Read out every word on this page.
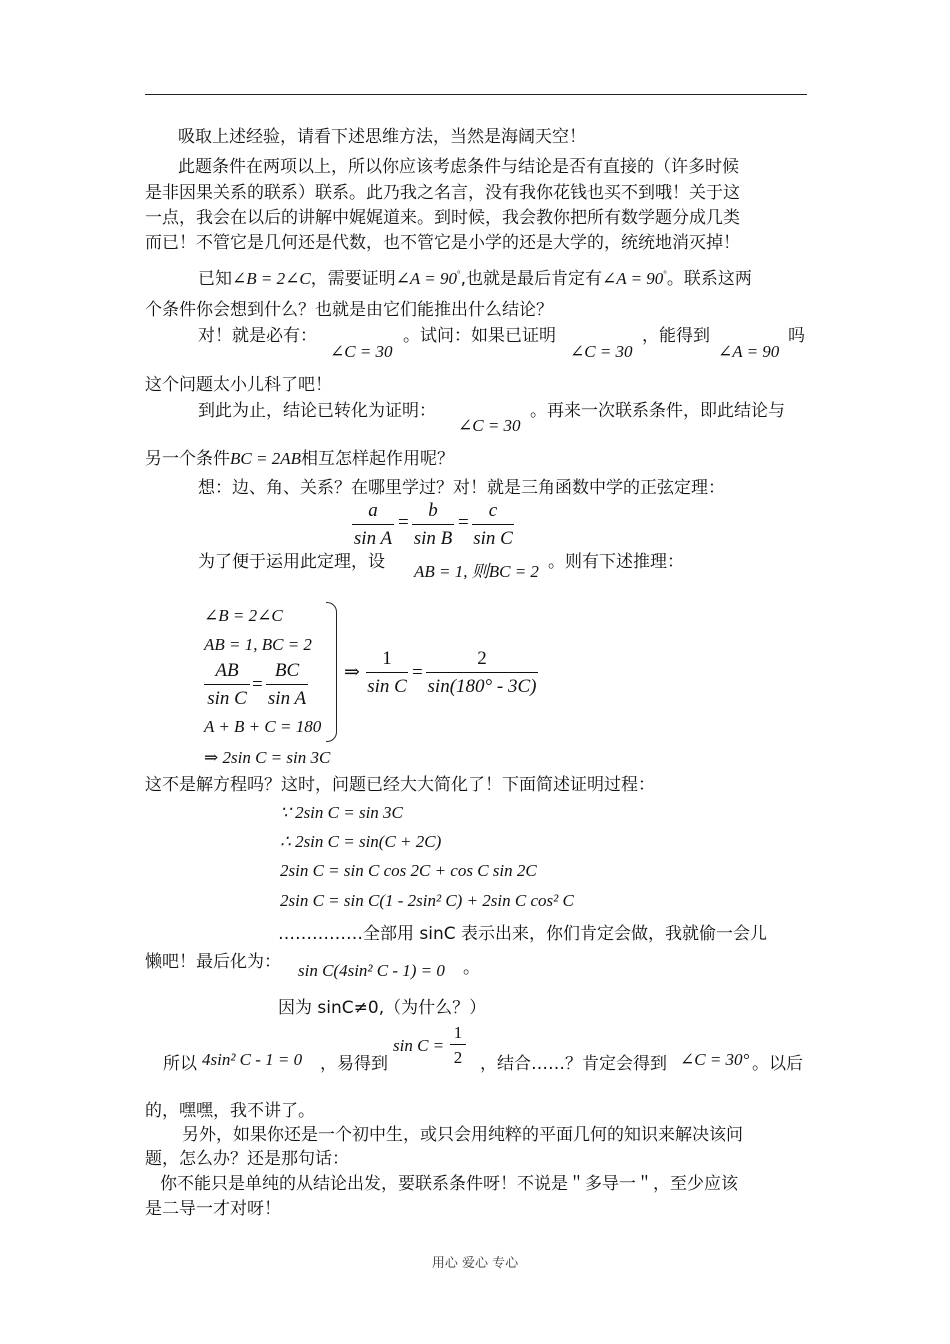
吸取上述经验，请看下述思维方法，当然是海阔天空！
此题条件在两项以上，所以你应该考虑条件与结论是否有直接的（许多时候
是非因果关系的联系）联系。此乃我之名言，没有我你花钱也买不到哦！关于这
一点，我会在以后的讲解中娓娓道来。到时候，我会教你把所有数学题分成几类
而已！不管它是几何还是代数，也不管它是小学的还是大学的，统统地消灭掉！
已知∠B = 2∠C，需要证明∠A = 90°,也就是最后肯定有∠A = 90°。联系这两
个条件你会想到什么？也就是由它们能推出什么结论？
对！就是必有：
∠C = 30
。试问：如果已证明
∠C = 30
，能得到
∠A = 90
吗
这个问题太小儿科了吧！
到此为止，结论已转化为证明：
∠C = 30
。再来一次联系条件，即此结论与
另一个条件BC = 2AB相互怎样起作用呢？
想：边、角、关系？在哪里学过？对！就是三角函数中学的正弦定理：
$\frac{a}{\text{sin A}} = \frac{b}{\text{sin B}} = \frac{c}{\text{sin C}}$
为了便于运用此定理，设 AB = 1, 则BC = 2 。则有下述推理：
∠B = 2∠C
AB = 1, BC = 2
$\frac{AB}{\text{sin C}} = \frac{BC}{\text{sin A}}$
A + B + C = 180
⇒ $\frac{1}{\text{sin C}} = \frac{2}{\sin(180^\circ - 3C)}$
⇒ 2sin C = sin 3C
这不是解方程吗？这时，问题已经大大简化了！下面简述证明过程：
∵ 2sin C = sin 3C
∴ 2sin C = sin(C + 2C)
2sin C = sin C cos 2C + cos C sin 2C
2sin C = sin C(1 - 2sin² C) + 2sin C cos² C
……………全部用 sinC 表示出来，你们肯定会做，我就偷一会儿
懒吧！最后化为： sin C(4sin² C - 1) = 0 。
因为 sinC≠0,（为什么？）
所以 4sin² C - 1 = 0 ，易得到
$\sin C = \frac{1}{2}$ ，结合……？肯定会得到 ∠C = 30° 。以后
的，嘿嘿，我不讲了。
另外，如果你还是一个初中生，或只会用纯粹的平面几何的知识来解决该问
题，怎么办？还是那句话：
你不能只是单纯的从结论出发，要联系条件呀！不说是＂多导一＂，至少应该
是二导一才对呀！
用心 爱心 专心
